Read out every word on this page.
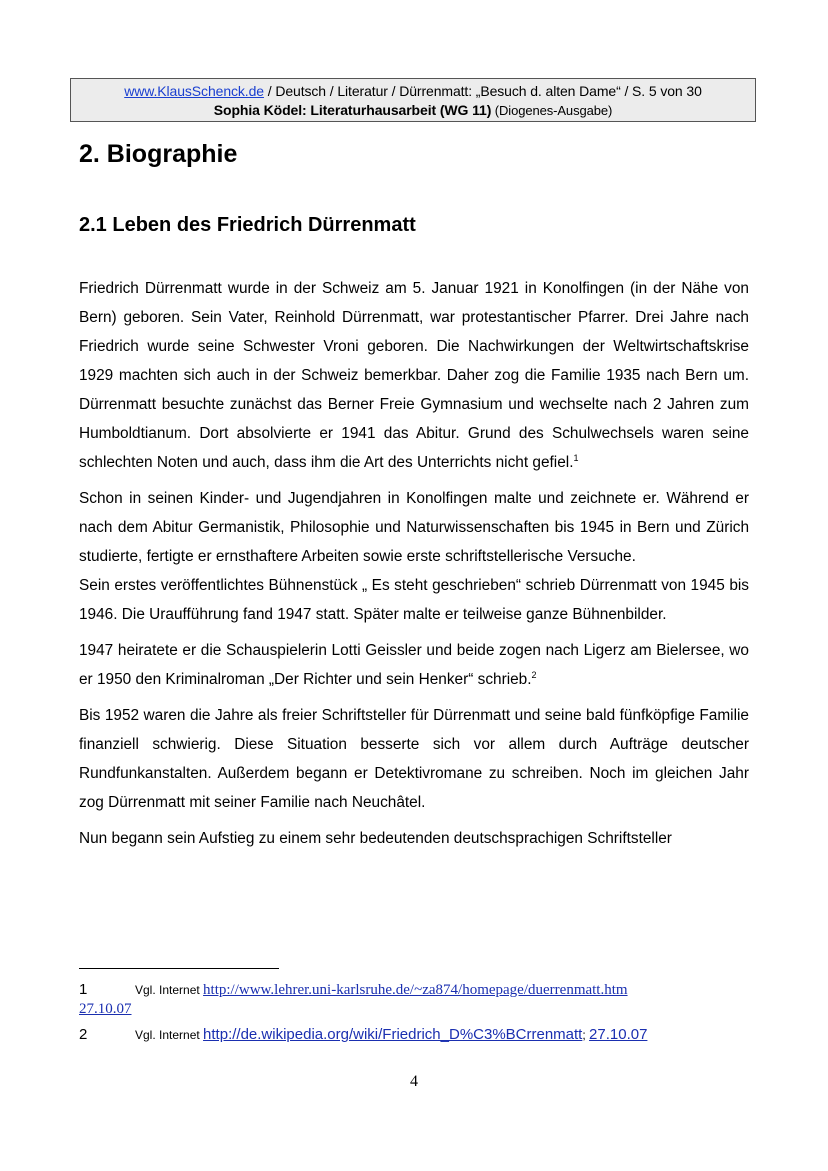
www.KlausSchenck.de / Deutsch / Literatur / Dürrenmatt: „Besuch d. alten Dame“ / S. 5 von 30
Sophia Ködel: Literaturhausarbeit (WG 11) (Diogenes-Ausgabe)
2. Biographie
2.1 Leben des Friedrich Dürrenmatt

Friedrich Dürrenmatt wurde in der Schweiz am 5. Januar 1921 in Konolfingen (in der Nähe von Bern) geboren. Sein Vater, Reinhold Dürrenmatt, war protestantischer Pfarrer. Drei Jahre nach Friedrich wurde seine Schwester Vroni geboren. Die Nachwirkungen der Weltwirtschaftskrise 1929 machten sich auch in der Schweiz bemerkbar. Daher zog die Familie 1935 nach Bern um. Dürrenmatt besuchte zunächst das Berner Freie Gymnasium und wechselte nach 2 Jahren zum Humboldtianum. Dort absolvierte er 1941 das Abitur. Grund des Schulwechsels waren seine schlechten Noten und auch, dass ihm die Art des Unterrichts nicht gefiel.$^1$

Schon in seinen Kinder- und Jugendjahren in Konolfingen malte und zeichnete er. Während er nach dem Abitur Germanistik, Philosophie und Naturwissenschaften bis 1945 in Bern und Zürich studierte, fertigte er ernsthaftere Arbeiten sowie erste schriftstellerische Versuche.

Sein erstes veröffentlichtes Bühnenstück „ Es steht geschrieben“ schrieb Dürrenmatt von 1945 bis 1946. Die Uraufführung fand 1947 statt. Später malte er teilweise ganze Bühnenbilder.

1947 heiratete er die Schauspielerin Lotti Geissler und beide zogen nach Ligerz am Bielersee, wo er 1950 den Kriminalroman „Der Richter und sein Henker“ schrieb.$^2$

Bis 1952 waren die Jahre als freier Schriftsteller für Dürrenmatt und seine bald fünfköpfige Familie finanziell schwierig. Diese Situation besserte sich vor allem durch Aufträge deutscher Rundfunkanstalten. Außerdem begann er Detektivromane zu schreiben. Noch im gleichen Jahr zog Dürrenmatt mit seiner Familie nach Neuchâtel.

Nun begann sein Aufstieg zu einem sehr bedeutenden deutschsprachigen Schriftsteller

1	Vgl. Internet http://www.lehrer.uni-karlsruhe.de/~za874/homepage/duerrenmatt.htm
27.10.07
2	Vgl. Internet http://de.wikipedia.org/wiki/Friedrich_D%C3%BCrrenmatt; 27.10.07
4
